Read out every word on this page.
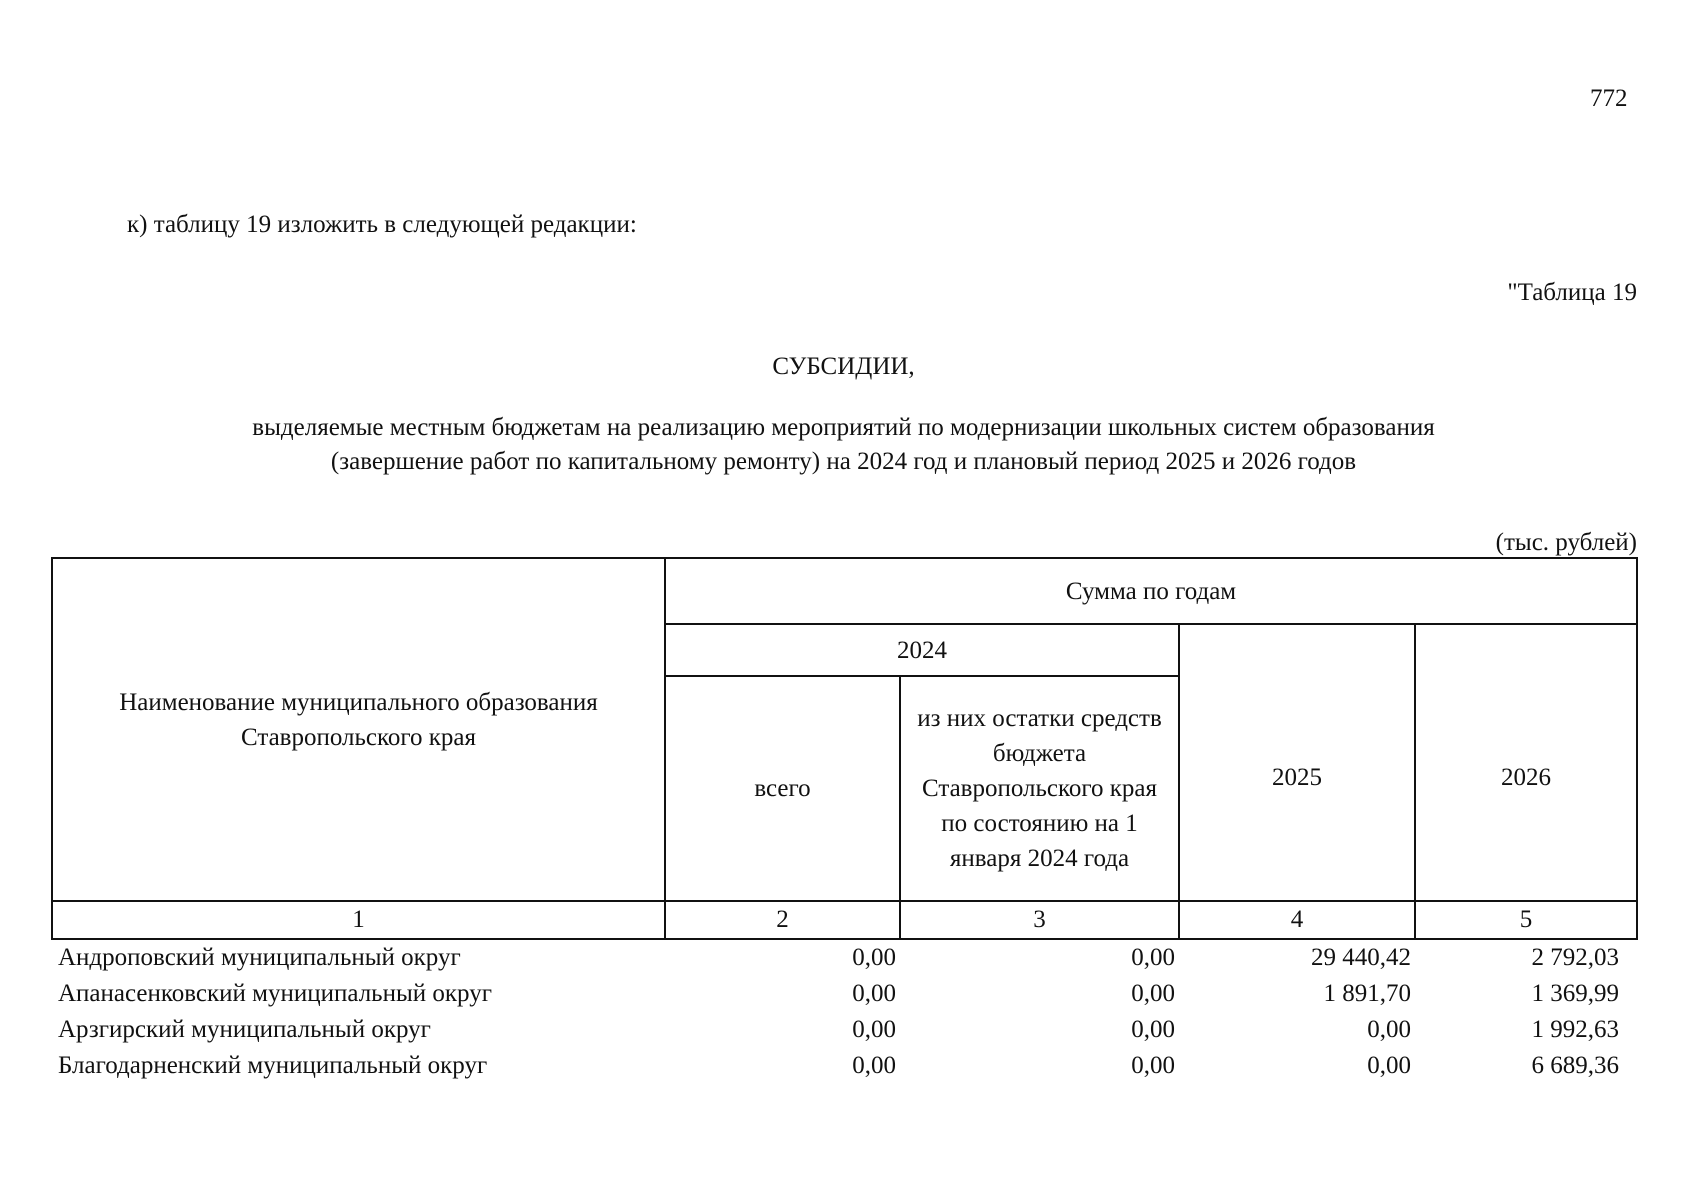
772
к) таблицу 19 изложить в следующей редакции:
"Таблица 19
СУБСИДИИ,
выделяемые местным бюджетам на реализацию мероприятий по модернизации школьных систем образования
(завершение работ по капитальному ремонту) на 2024 год и плановый период 2025 и 2026 годов
(тыс. рублей)
Наименование муниципального образования Ставропольского края	Сумма по годам			
	2024		2025	2026
	всего	из них остатки средств бюджета Ставропольского края по состоянию на 1 января 2024 года		
1	2	3	4	5
Андроповский муниципальный округ	0,00	0,00	29 440,42	2 792,03
Апанасенковский муниципальный округ	0,00	0,00	1 891,70	1 369,99
Арзгирский муниципальный округ	0,00	0,00	0,00	1 992,63
Благодарненский муниципальный округ	0,00	0,00	0,00	6 689,36
